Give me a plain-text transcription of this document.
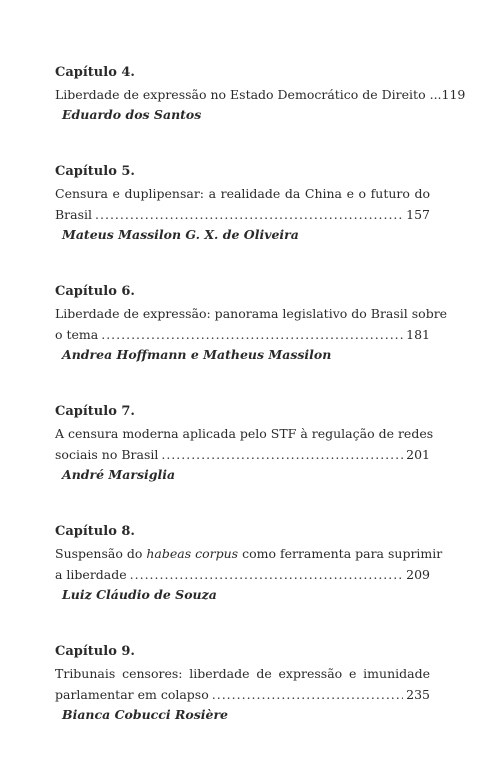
Capítulo 4.
Liberdade de expressão no Estado Democrático de Direito ... 119
Eduardo dos Santos
Capítulo 5.
Censura e duplipensar: a realidade da China e o futuro do
Brasil .....	157
Mateus Massilon G. X. de Oliveira
Capítulo 6.
Liberdade de expressão: panorama legislativo do Brasil sobre
o tema .....	181
Andrea Hoffmann e Matheus Massilon
Capítulo 7.
A censura moderna aplicada pelo STF à regulação de redes
sociais no Brasil .....	201
André Marsiglia
Capítulo 8.
Suspensão do habeas corpus como ferramenta para suprimir
a liberdade .....	209
Luiz Cláudio de Souza
Capítulo 9.
Tribunais censores: liberdade de expressão e imunidade
parlamentar em colapso .....	235
Bianca Cobucci Rosière
